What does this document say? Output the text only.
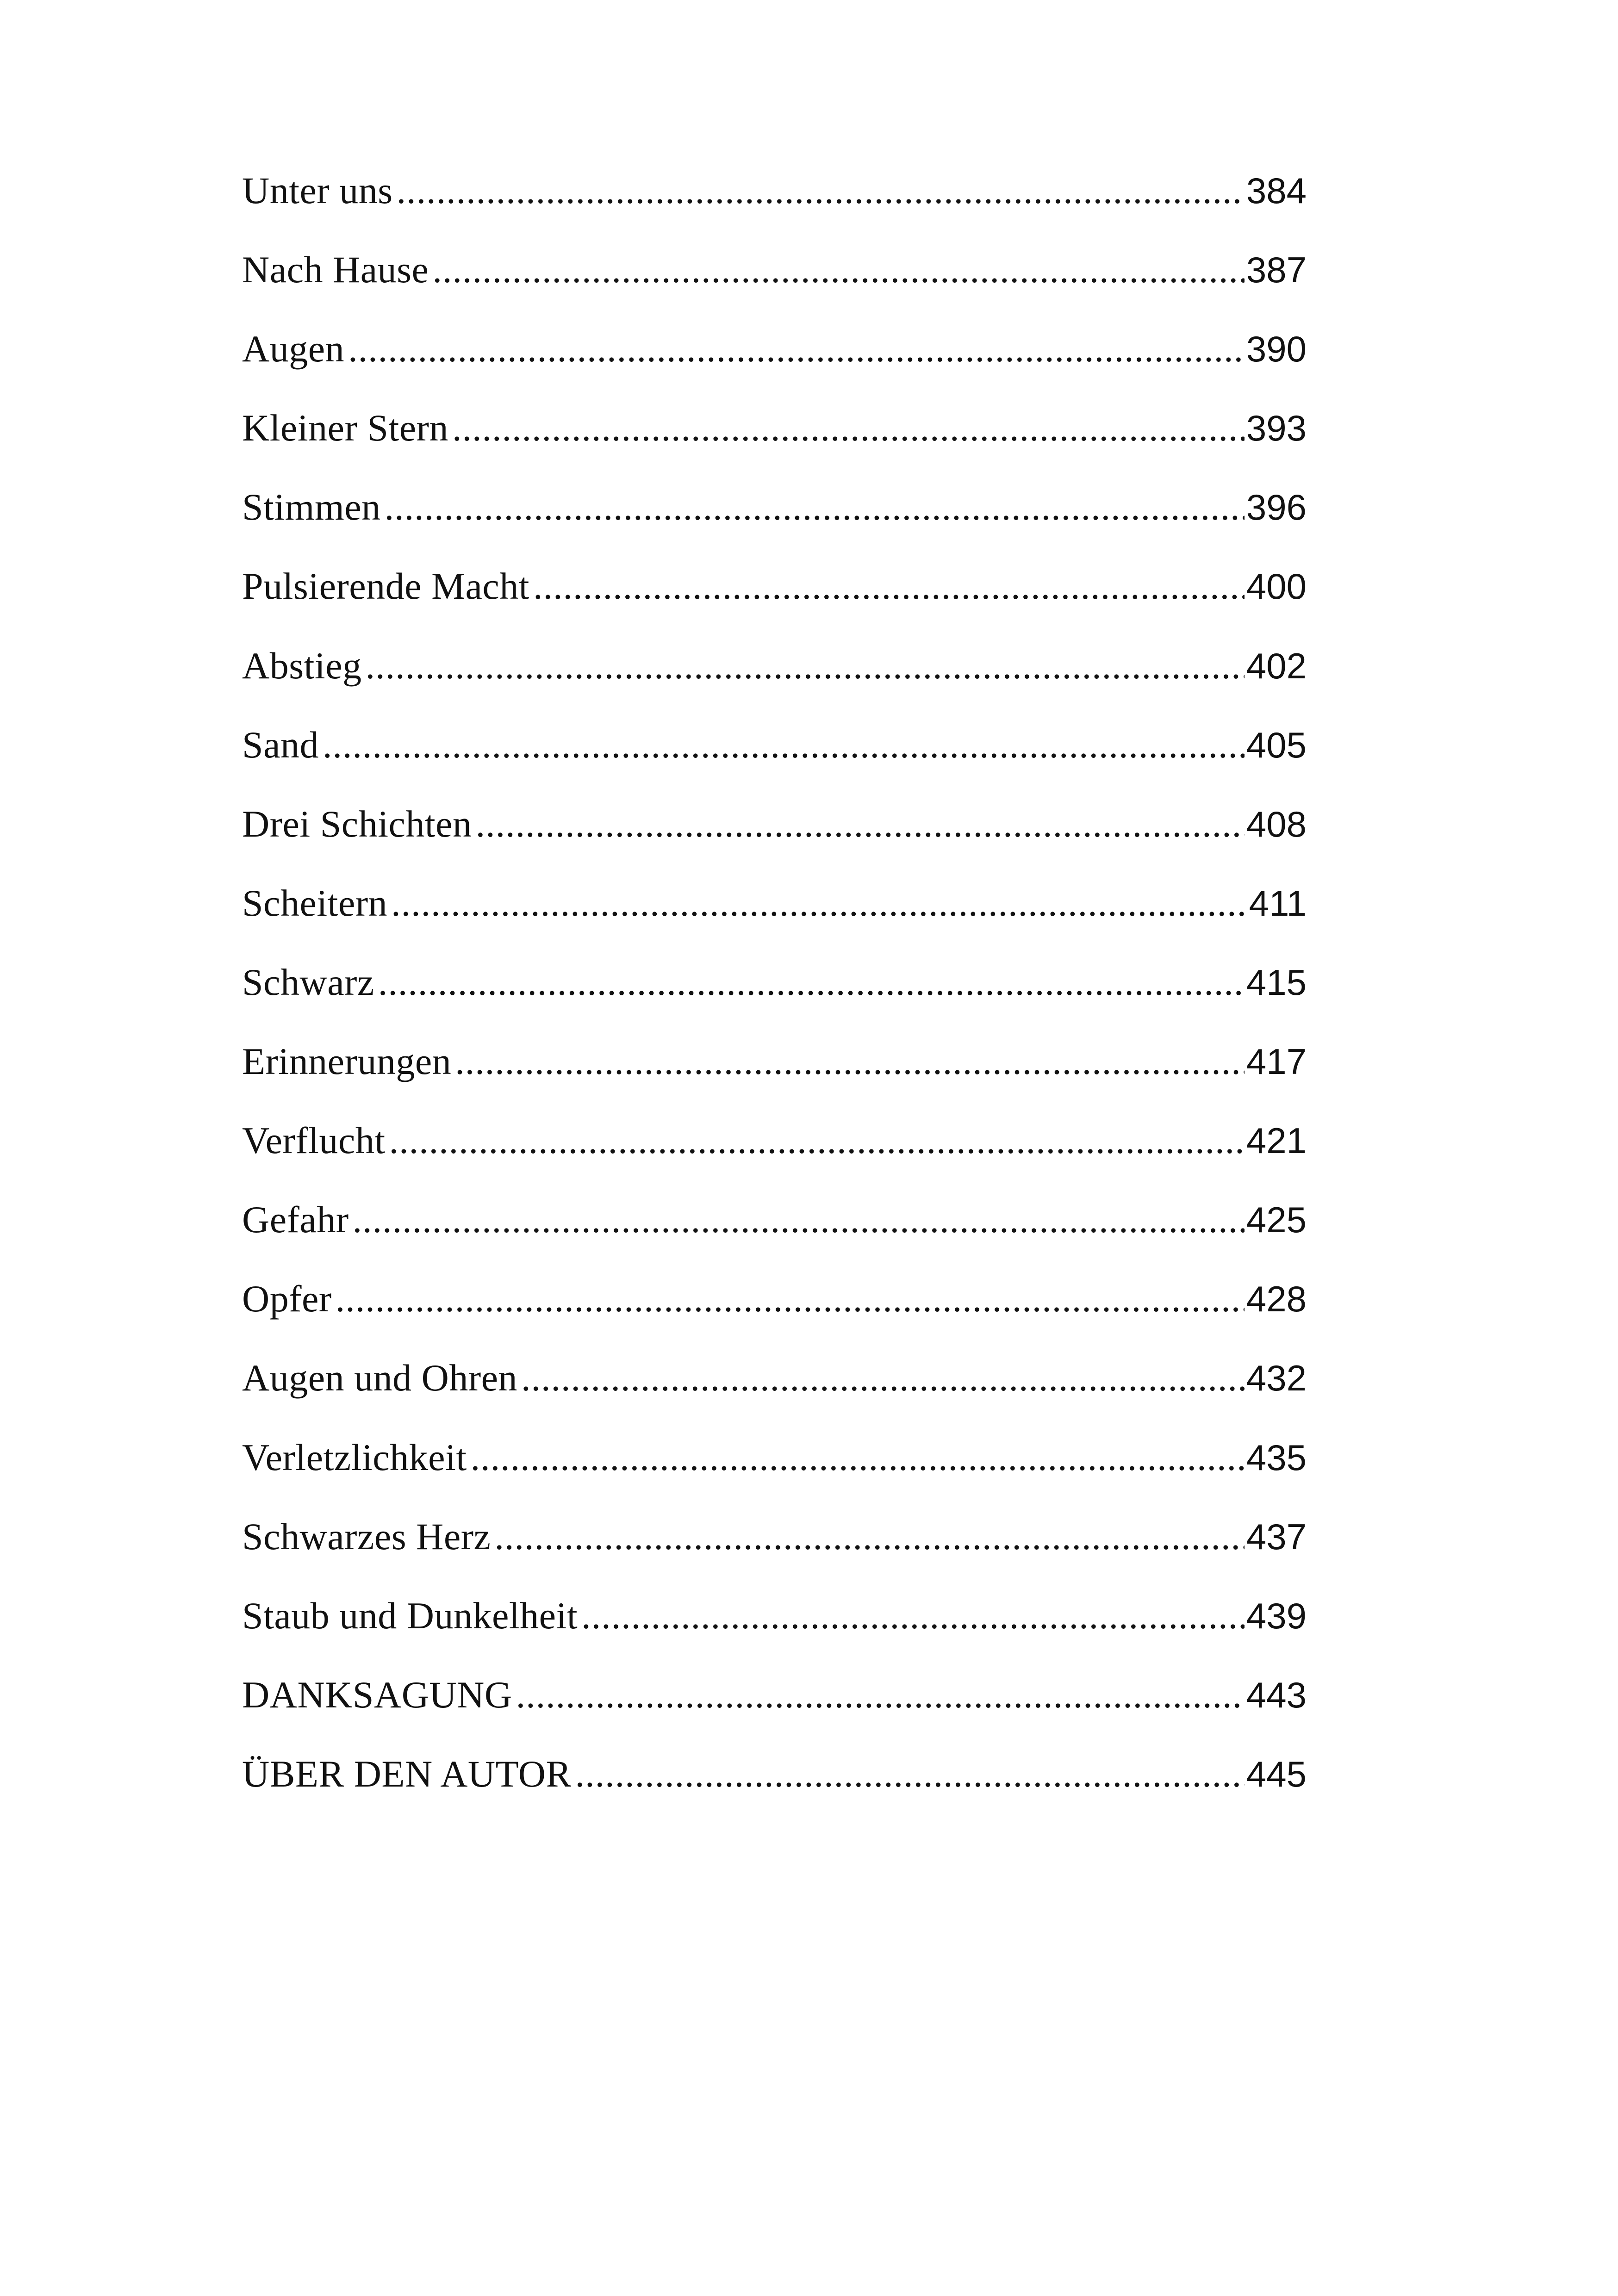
Unter uns .....	384
Nach Hause .....	387
Augen .....	390
Kleiner Stern .....	393
Stimmen .....	396
Pulsierende Macht .....	400
Abstieg .....	402
Sand .....	405
Drei Schichten .....	408
Scheitern .....	411
Schwarz .....	415
Erinnerungen .....	417
Verflucht .....	421
Gefahr .....	425
Opfer .....	428
Augen und Ohren .....	432
Verletzlichkeit .....	435
Schwarzes Herz .....	437
Staub und Dunkelheit .....	439
DANKSAGUNG .....	443
ÜBER DEN AUTOR .....	445
